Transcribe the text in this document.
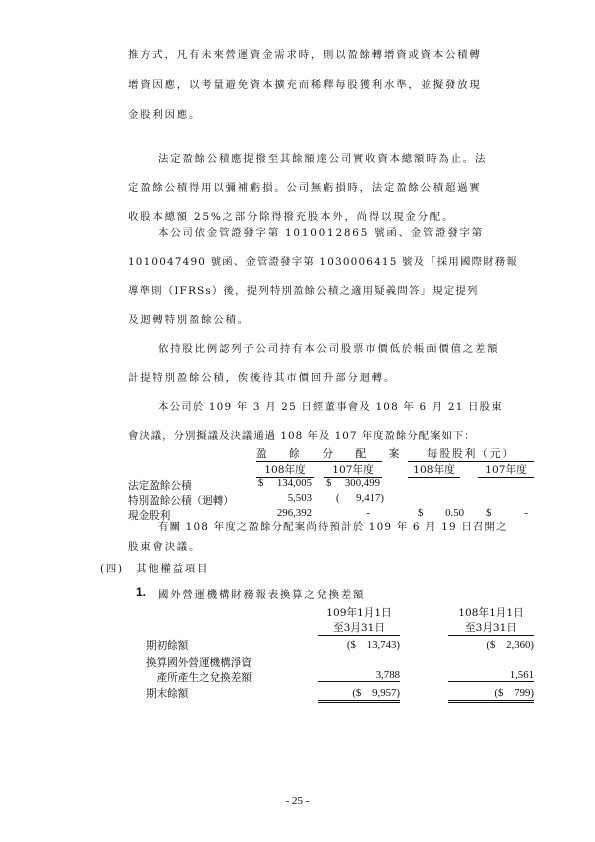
推方式，凡有未來營運資金需求時，則以盈餘轉增資或資本公積轉
增資因應，以考量避免資本擴充而稀釋每股獲利水準，並擬發放現
金股利因應。
法定盈餘公積應提撥至其餘額達公司實收資本總額時為止。法
定盈餘公積得用以彌補虧損。公司無虧損時，法定盈餘公積超過實
收股本總額 25%之部分除得撥充股本外，尚得以現金分配。
本公司依金管證發字第 1010012865 號函、金管證發字第
1010047490 號函、金管證發字第 1030006415 號及「採用國際財務報
導準則（IFRSs）後，提列特別盈餘公積之適用疑義問答」規定提列
及迴轉特別盈餘公積。
依持股比例認列子公司持有本公司股票市價低於帳面價值之差額
計提特別盈餘公積，俟後待其市價回升部分迴轉。
本公司於 109 年 3 月 25 日經董事會及 108 年 6 月 21 日股東
會決議，分別擬議及決議通過 108 年及 107 年度盈餘分配案如下：
盈　餘　分　配　案	每股股利（元）
108年度	107年度	108年度	107年度
法定盈餘公積	$	134,005 $	300,499
特別盈餘公積（迴轉）	5,503 (	9,417)
現金股利	296,392	-	$	0.50 $	-
有關 108 年度之盈餘分配案尚待預計於 109 年 6 月 19 日召開之
股東會決議。
(四)　其他權益項目
1. 國外營運機構財務報表換算之兌換差額
109年1月1日
至3月31日
108年1月1日
至3月31日
期初餘額	($　13,743)	($　2,360)
換算國外營運機構淨資
　產所產生之兌換差額	3,788	1,561
期末餘額	($　9,957)	($　799)
- 25 -
